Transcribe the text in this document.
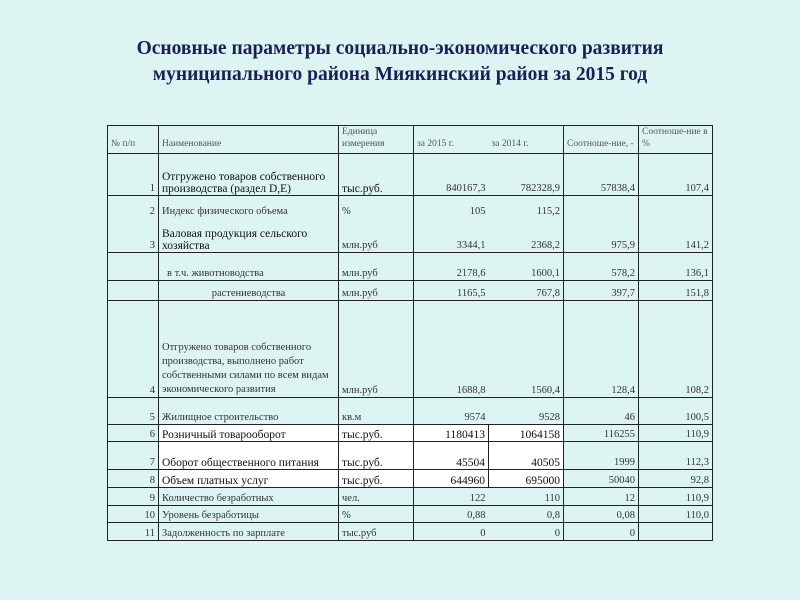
Основные параметры социально-экономического развития
муниципального района Миякинский район за 2015 год
№ п/п	Наименование	Единица измерения	за 2015 г.	за 2014 г.	Соотноше-ние, -	Соотноше-ние в %
1	Отгружено товаров собственного производства (раздел D,E)	тыс.руб.	840167,3	782328,9	57838,4	107,4
2	Индекс физического объема	%	105	115,2		
3	Валовая продукция сельского хозяйства	млн.руб	3344,1	2368,2	975,9	141,2
	в т.ч. животноводства	млн.руб	2178,6	1600,1	578,2	136,1
	растениеводства	млн.руб	1165,5	767,8	397,7	151,8
4	Отгружено товаров собственного производства, выполнено работ собственными силами по всем видам экономического развития	млн.руб	1688,8	1560,4	128,4	108,2
5	Жилищное строительство	кв.м	9574	9528	46	100,5
6	Розничный товарооборот	тыс.руб.	1180413	1064158	116255	110,9
7	Оборот общественного питания	тыс.руб.	45504	40505	1999	112,3
8	Объем платных услуг	тыс.руб.	644960	695000	50040	92,8
9	Количество безработных	чел.	122	110	12	110,9
10	Уровень безработицы	%	0,88	0,8	0,08	110,0
11	Задолженность по зарплате	тыс.руб	0	0	0	
